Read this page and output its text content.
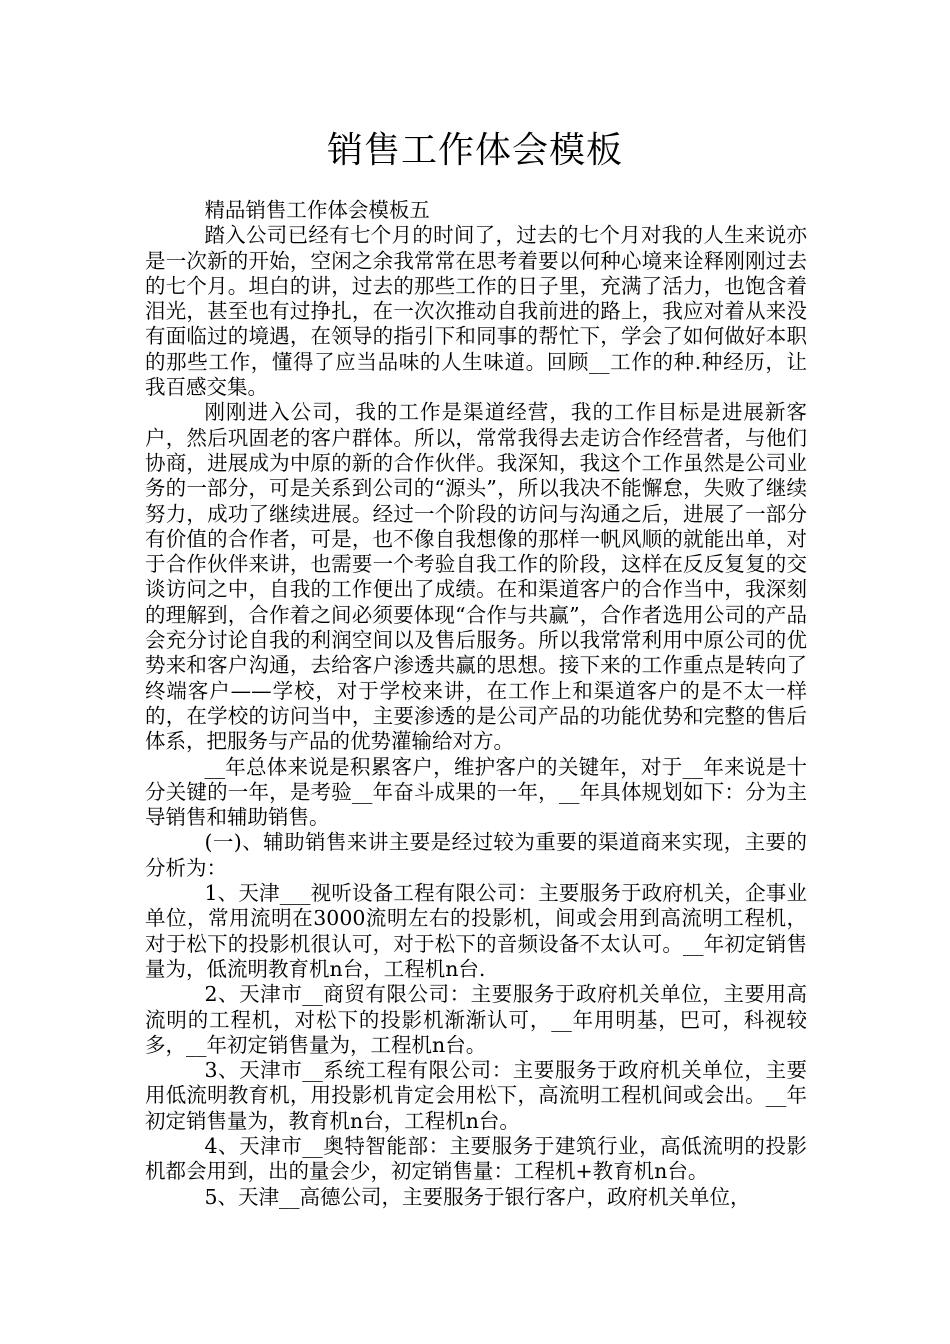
销售工作体会模板

精品销售工作体会模板五

踏入公司已经有七个月的时间了，过去的七个月对我的人生来说亦是一次新的开始，空闲之余我常常在思考着要以何种心境来诠释刚刚过去的七个月。坦白的讲，过去的那些工作的日子里，充满了活力，也饱含着泪光，甚至也有过挣扎，在一次次推动自我前进的路上，我应对着从来没有面临过的境遇，在领导的指引下和同事的帮忙下，学会了如何做好本职的那些工作，懂得了应当品味的人生味道。回顾__工作的种.种经历，让我百感交集。

刚刚进入公司，我的工作是渠道经营，我的工作目标是进展新客户，然后巩固老的客户群体。所以，常常我得去走访合作经营者，与他们协商，进展成为中原的新的合作伙伴。我深知，我这个工作虽然是公司业务的一部分，可是关系到公司的“源头”，所以我决不能懈怠，失败了继续努力，成功了继续进展。经过一个阶段的访问与沟通之后，进展了一部分有价值的合作者，可是，也不像自我想像的那样一帆风顺的就能出单，对于合作伙伴来讲，也需要一个考验自我工作的阶段，这样在反反复复的交谈访问之中，自我的工作便出了成绩。在和渠道客户的合作当中，我深刻的理解到，合作着之间必须要体现“合作与共赢”，合作者选用公司的产品会充分讨论自我的利润空间以及售后服务。所以我常常利用中原公司的优势来和客户沟通，去给客户渗透共赢的思想。接下来的工作重点是转向了终端客户——学校，对于学校来讲，在工作上和渠道客户的是不太一样的，在学校的访问当中，主要渗透的是公司产品的功能优势和完整的售后体系，把服务与产品的优势灌输给对方。

__年总体来说是积累客户，维护客户的关键年，对于__年来说是十分关键的一年，是考验__年奋斗成果的一年，__年具体规划如下：分为主导销售和辅助销售。

(一)、辅助销售来讲主要是经过较为重要的渠道商来实现，主要的分析为：

1、天津___视听设备工程有限公司：主要服务于政府机关，企事业单位，常用流明在3000流明左右的投影机，间或会用到高流明工程机，对于松下的投影机很认可，对于松下的音频设备不太认可。__年初定销售量为，低流明教育机n台，工程机n台.

2、天津市__商贸有限公司：主要服务于政府机关单位，主要用高流明的工程机，对松下的投影机渐渐认可，__年用明基，巴可，科视较多，__年初定销售量为，工程机n台。

3、天津市__系统工程有限公司：主要服务于政府机关单位，主要用低流明教育机，用投影机肯定会用松下，高流明工程机间或会出。__年初定销售量为，教育机n台，工程机n台。

4、天津市__奥特智能部：主要服务于建筑行业，高低流明的投影机都会用到，出的量会少，初定销售量：工程机+教育机n台。

5、天津__高德公司，主要服务于银行客户，政府机关单位，
